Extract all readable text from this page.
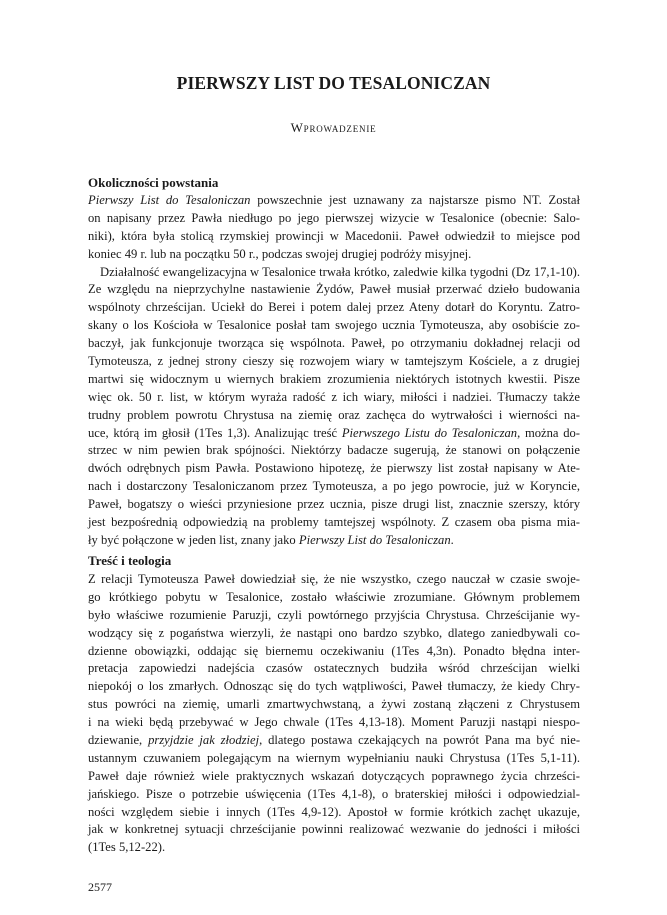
PIERWSZY LIST DO TESALONICZAN
Wprowadzenie
Okoliczności powstania
Pierwszy List do Tesaloniczan powszechnie jest uznawany za najstarsze pismo NT. Został
on napisany przez Pawła niedługo po jego pierwszej wizycie w Tesalonice (obecnie: Salo-
niki), która była stolicą rzymskiej prowincji w Macedonii. Paweł odwiedził to miejsce pod
koniec 49 r. lub na początku 50 r., podczas swojej drugiej podróży misyjnej.
Działalność ewangelizacyjna w Tesalonice trwała krótko, zaledwie kilka tygodni (Dz 17,1-10).
Ze względu na nieprzychylne nastawienie Żydów, Paweł musiał przerwać dzieło budowania
wspólnoty chrześcijan. Uciekł do Berei i potem dalej przez Ateny dotarł do Koryntu. Zatro-
skany o los Kościoła w Tesalonice posłał tam swojego ucznia Tymoteusza, aby osobiście zo-
baczył, jak funkcjonuje tworząca się wspólnota. Paweł, po otrzymaniu dokładnej relacji od
Tymoteusza, z jednej strony cieszy się rozwojem wiary w tamtejszym Kościele, a z drugiej
martwi się widocznym u wiernych brakiem zrozumienia niektórych istotnych kwestii. Pisze
więc ok. 50 r. list, w którym wyraża radość z ich wiary, miłości i nadziei. Tłumaczy także
trudny problem powrotu Chrystusa na ziemię oraz zachęca do wytrwałości i wierności na-
uce, którą im głosił (1Tes 1,3). Analizując treść Pierwszego Listu do Tesaloniczan, można do-
strzec w nim pewien brak spójności. Niektórzy badacze sugerują, że stanowi on połączenie
dwóch odrębnych pism Pawła. Postawiono hipotezę, że pierwszy list został napisany w Ate-
nach i dostarczony Tesaloniczanom przez Tymoteusza, a po jego powrocie, już w Koryncie,
Paweł, bogatszy o wieści przyniesione przez ucznia, pisze drugi list, znacznie szerszy, który
jest bezpośrednią odpowiedzią na problemy tamtejszej wspólnoty. Z czasem oba pisma mia-
ły być połączone w jeden list, znany jako Pierwszy List do Tesaloniczan.
Treść i teologia
Z relacji Tymoteusza Paweł dowiedział się, że nie wszystko, czego nauczał w czasie swoje-
go krótkiego pobytu w Tesalonice, zostało właściwie zrozumiane. Głównym problemem
było właściwe rozumienie Paruzji, czyli powtórnego przyjścia Chrystusa. Chrześcijanie wy-
wodzący się z pogaństwa wierzyli, że nastąpi ono bardzo szybko, dlatego zaniedbywali co-
dzienne obowiązki, oddając się biernemu oczekiwaniu (1Tes 4,3n). Ponadto błędna inter-
pretacja zapowiedzi nadejścia czasów ostatecznych budziła wśród chrześcijan wielki
niepokój o los zmarłych. Odnosząc się do tych wątpliwości, Paweł tłumaczy, że kiedy Chry-
stus powróci na ziemię, umarli zmartwychwstaną, a żywi zostaną złączeni z Chrystusem
i na wieki będą przebywać w Jego chwale (1Tes 4,13-18). Moment Paruzji nastąpi niespo-
dziewanie, przyjdzie jak złodziej, dlatego postawa czekających na powrót Pana ma być nie-
ustannym czuwaniem polegającym na wiernym wypełnianiu nauki Chrystusa (1Tes 5,1-11).
Paweł daje również wiele praktycznych wskazań dotyczących poprawnego życia chrześci-
jańskiego. Pisze o potrzebie uświęcenia (1Tes 4,1-8), o braterskiej miłości i odpowiedzial-
ności względem siebie i innych (1Tes 4,9-12). Apostoł w formie krótkich zachęt ukazuje,
jak w konkretnej sytuacji chrześcijanie powinni realizować wezwanie do jedności i miłości
(1Tes 5,12-22).
2577
